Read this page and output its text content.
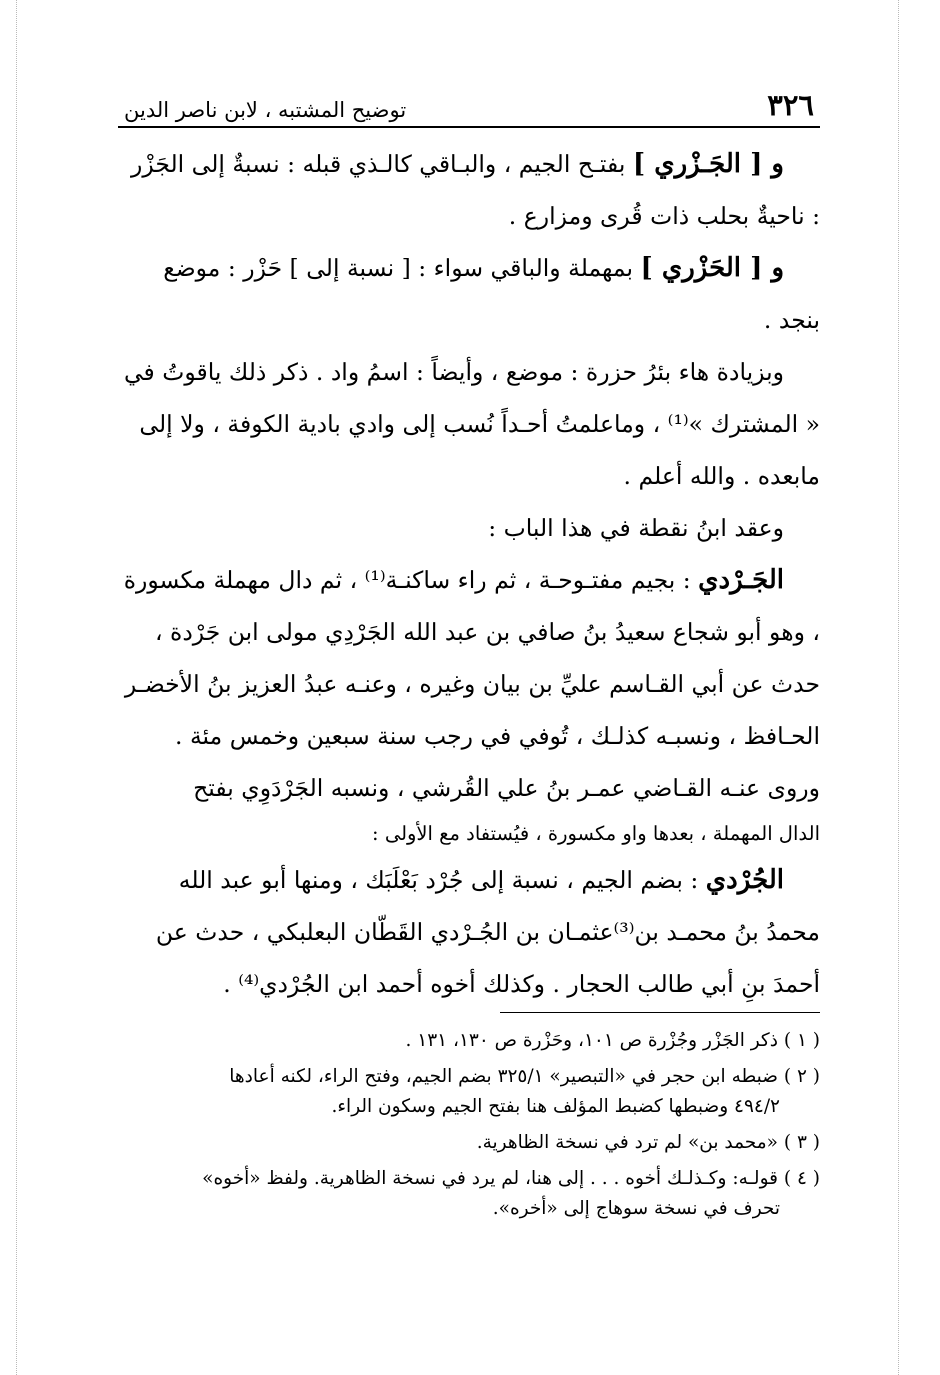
٣٢٦
توضيح المشتبه ، لابن ناصر الدين

و [ الجَـزْري ] بفتـح الجيم ، والبـاقي كالـذي قبله : نسبةٌ إلى الجَزْر : ناحيةٌ بحلب ذات قُرى ومزارع .

و [ الحَزْري ] بمهملة والباقي سواء : [ نسبة إلى ] حَزْر : موضع بنجد .

وبزيادة هاء بئرُ حزرة : موضع ، وأيضاً : اسمُ واد . ذكر ذلك ياقوتُ في « المشترك »⁽¹⁾ ، وماعلمتُ أحـداً نُسب إلى وادي بادية الكوفة ، ولا إلى مابعده . والله أعلم .

وعقد ابنُ نقطة في هذا الباب :

الجَـرْدي : بجيم مفتـوحـة ، ثم راء ساكنـة⁽¹⁾ ، ثم دال مهملة مكسورة ، وهو أبو شجاع سعيدُ بنُ صافي بن عبد الله الجَرْدِي مولى ابن جَرْدة ، حدث عن أبي القـاسم عليِّ بن بيان وغيره ، وعنـه عبدُ العزيز بنُ الأخضـر الحـافظ ، ونسبـه كذلـك ، تُوفي في رجب سنة سبعين وخمس مئة . وروى عنـه القـاضي عمـر بنُ علي القُرشي ، ونسبه الجَرْدَوِي بفتح

الدال المهملة ، بعدها واو مكسورة ، فيُستفاد مع الأولى :

الجُرْدي : بضم الجيم ، نسبة إلى جُرْد بَعْلَبَك ، ومنها أبو عبد الله محمدُ بنُ محمـد بن⁽³⁾عثمـان بن الجُـرْدي القَطّان البعلبكي ، حدث عن أحمدَ بنِ أبي طالب الحجار . وكذلك أخوه أحمد ابن الجُرْدي⁽⁴⁾ .

( ١ ) ذكر الجَزْر وجُزْرة ص ١٠١، وحَزْرة ص ١٣٠، ١٣١ .

( ٢ ) ضبطه ابن حجر في «التبصير» ٣٢٥/١ بضم الجيم، وفتح الراء، لكنه أعادها
٤٩٤/٢ وضبطها كضبط المؤلف هنا بفتح الجيم وسكون الراء.

( ٣ ) «محمد بن» لم ترد في نسخة الظاهرية.

( ٤ ) قولـه: وكـذلـك أخوه . . . إلى هنا، لم يرد في نسخة الظاهرية. ولفظ «أخوه»
تحرف في نسخة سوهاج إلى «أخره».
